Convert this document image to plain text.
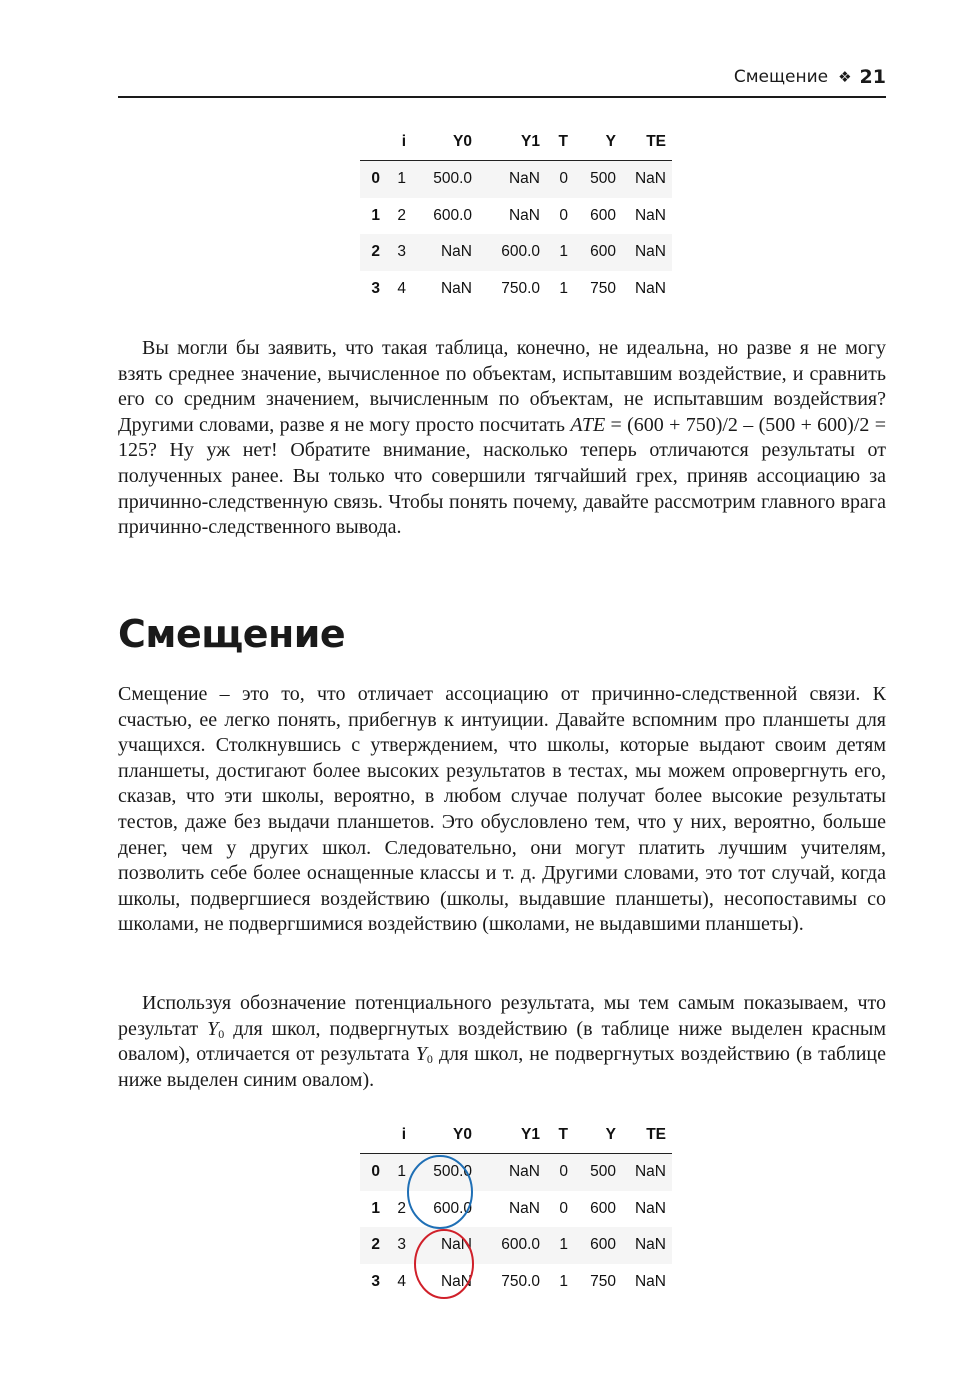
Смещение ❖ 21
	i	Y0	Y1	T	Y	TE
0	1	500.0	NaN	0	500	NaN
1	2	600.0	NaN	0	600	NaN
2	3	NaN	600.0	1	600	NaN
3	4	NaN	750.0	1	750	NaN

Вы могли бы заявить, что такая таблица, конечно, не идеальна, но разве я не могу взять среднее значение, вычисленное по объектам, испытавшим воздействие, и сравнить его со средним значением, вычисленным по объектам, не испытавшим воздействия? Другими словами, разве я не могу просто посчитать ATE = (600 + 750)/2 – (500 + 600)/2 = 125? Ну уж нет! Обратите внимание, насколько теперь отличаются результаты от полученных ранее. Вы только что совершили тягчайший грех, приняв ассоциацию за причинно-следственную связь. Чтобы понять почему, давайте рассмотрим главного врага причинно-следственного вывода.

Смещение

Смещение – это то, что отличает ассоциацию от причинно-следственной связи. К счастью, ее легко понять, прибегнув к интуиции. Давайте вспомним про планшеты для учащихся. Столкнувшись с утверждением, что школы, которые выдают своим детям планшеты, достигают более высоких результатов в тестах, мы можем опровергнуть его, сказав, что эти школы, вероятно, в любом случае получат более высокие результаты тестов, даже без выдачи планшетов. Это обусловлено тем, что у них, вероятно, больше денег, чем у других школ. Следовательно, они могут платить лучшим учителям, позволить себе более оснащенные классы и т. д. Другими словами, это тот случай, когда школы, подвергшиеся воздействию (школы, выдавшие планшеты), несопоставимы со школами, не подвергшимися воздействию (школами, не выдавшими планшеты).

Используя обозначение потенциального результата, мы тем самым показываем, что результат $Y_0$ для школ, подвергнутых воздействию (в таблице ниже выделен красным овалом), отличается от результата $Y_0$ для школ, не подвергнутых воздействию (в таблице ниже выделен синим овалом).

	i	Y0	Y1	T	Y	TE
0	1	500.0	NaN	0	500	NaN
1	2	600.0	NaN	0	600	NaN
2	3	NaN	600.0	1	600	NaN
3	4	NaN	750.0	1	750	NaN
